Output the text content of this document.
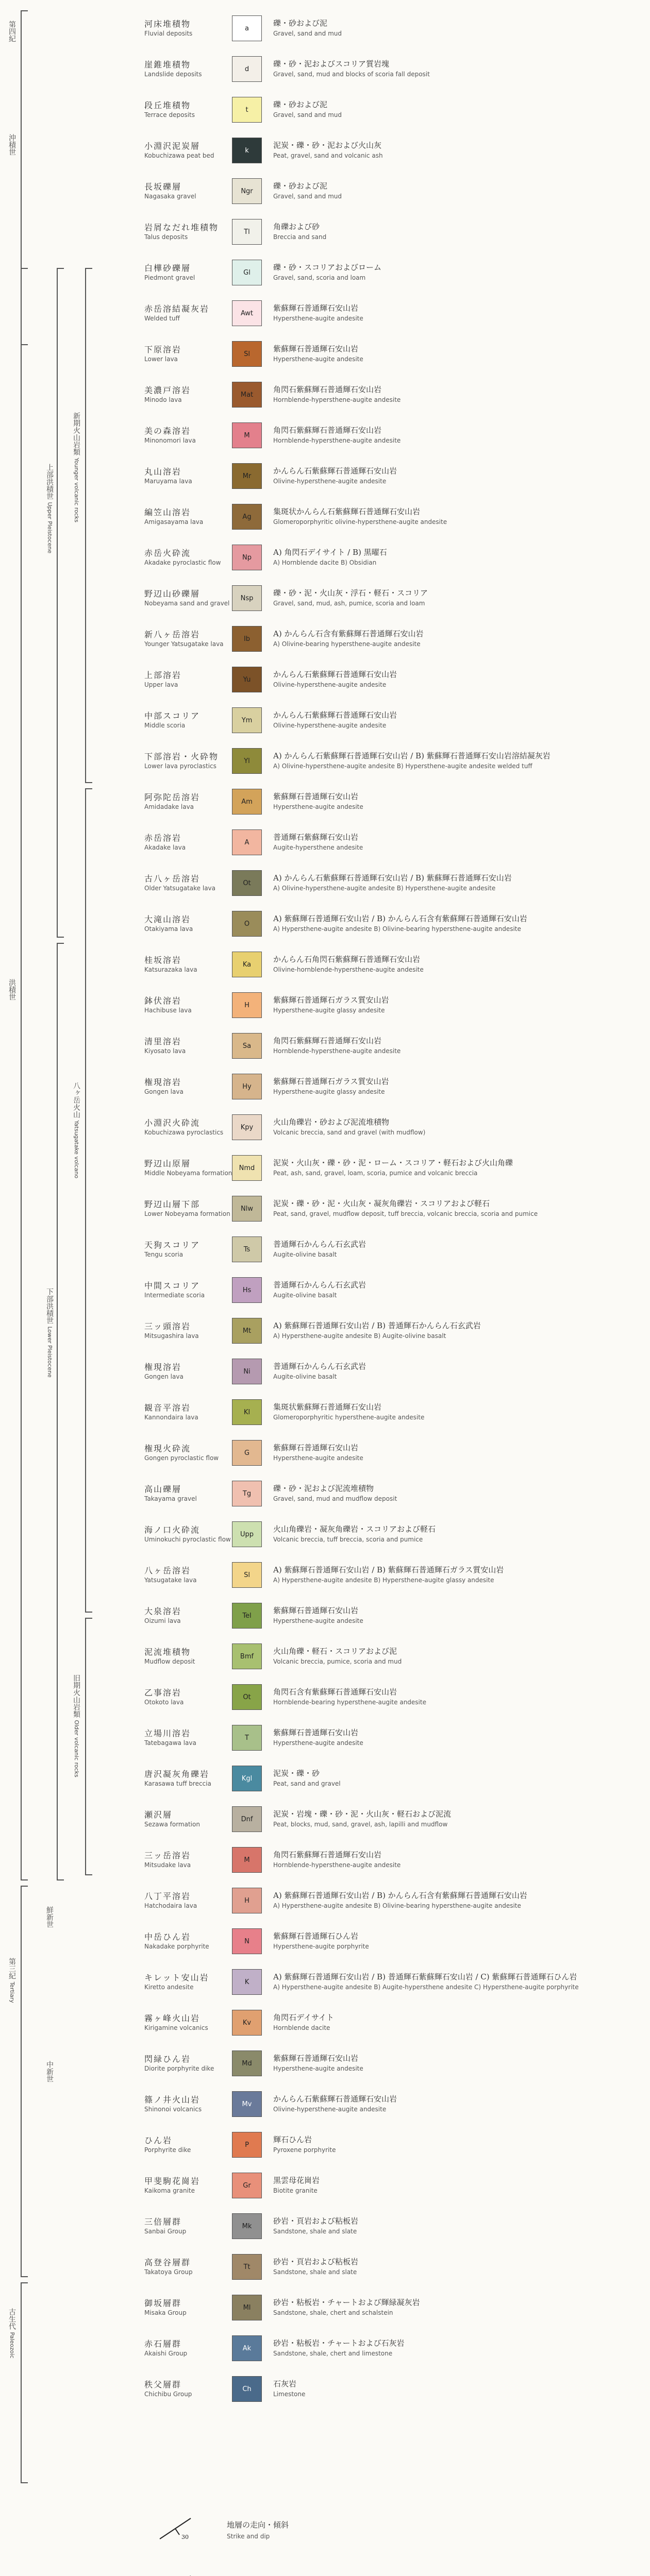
第四紀
沖積世
洪積世
上部洪積世 Upper Pleistocene
下部洪積世 Lower Pleistocene
新期火山岩類 Younger volcanic rocks
八ヶ岳火山 Yatsugatake volcano
旧期火山岩類 Older volcanic rocks
第三紀 Tertiary
鮮新世
中新世
古生代 Paleozoic
河床堆積物
Fluvial deposits
a
礫・砂および泥
Gravel, sand and mud
崖錐堆積物
Landslide deposits
d
礫・砂・泥およびスコリア質岩塊
Gravel, sand, mud and blocks of scoria fall deposit
段丘堆積物
Terrace deposits
t
礫・砂および泥
Gravel, sand and mud
小淵沢泥炭層
Kobuchizawa peat bed
k
泥炭・礫・砂・泥および火山灰
Peat, gravel, sand and volcanic ash
長坂礫層
Nagasaka gravel
Ngr
礫・砂および泥
Gravel, sand and mud
岩屑なだれ堆積物
Talus deposits
Tl
角礫および砂
Breccia and sand
白樺砂礫層
Piedmont gravel
Gl
礫・砂・スコリアおよびローム
Gravel, sand, scoria and loam
赤岳溶結凝灰岩
Welded tuff
Awt
紫蘇輝石普通輝石安山岩
Hypersthene-augite andesite
下原溶岩
Lower lava
Sl
紫蘇輝石普通輝石安山岩
Hypersthene-augite andesite
美濃戸溶岩
Minodo lava
Mat
角閃石紫蘇輝石普通輝石安山岩
Hornblende-hypersthene-augite andesite
美の森溶岩
Minonomori lava
M
角閃石紫蘇輝石普通輝石安山岩
Hornblende-hypersthene-augite andesite
丸山溶岩
Maruyama lava
Mr
かんらん石紫蘇輝石普通輝石安山岩
Olivine-hypersthene-augite andesite
編笠山溶岩
Amigasayama lava
Ag
集斑状かんらん石紫蘇輝石普通輝石安山岩
Glomeroporphyritic olivine-hypersthene-augite andesite
赤岳火砕流
Akadake pyroclastic flow
Np
A) 角閃石デイサイト / B) 黒曜石
A) Hornblende dacite B) Obsidian
野辺山砂礫層
Nobeyama sand and gravel
Nsp
礫・砂・泥・火山灰・浮石・軽石・スコリア
Gravel, sand, mud, ash, pumice, scoria and loam
新八ヶ岳溶岩
Younger Yatsugatake lava
Ib
A) かんらん石含有紫蘇輝石普通輝石安山岩
A) Olivine-bearing hypersthene-augite andesite
上部溶岩
Upper lava
Yu
かんらん石紫蘇輝石普通輝石安山岩
Olivine-hypersthene-augite andesite
中部スコリア
Middle scoria
Ym
かんらん石紫蘇輝石普通輝石安山岩
Olivine-hypersthene-augite andesite
下部溶岩・火砕物
Lower lava pyroclastics
Yl
A) かんらん石紫蘇輝石普通輝石安山岩 / B) 紫蘇輝石普通輝石安山岩溶結凝灰岩
A) Olivine-hypersthene-augite andesite B) Hypersthene-augite andesite welded tuff
阿弥陀岳溶岩
Amidadake lava
Am
紫蘇輝石普通輝石安山岩
Hypersthene-augite andesite
赤岳溶岩
Akadake lava
A
普通輝石紫蘇輝石安山岩
Augite-hypersthene andesite
古八ヶ岳溶岩
Older Yatsugatake lava
Ot
A) かんらん石紫蘇輝石普通輝石安山岩 / B) 紫蘇輝石普通輝石安山岩
A) Olivine-hypersthene-augite andesite B) Hypersthene-augite andesite
大滝山溶岩
Otakiyama lava
O
A) 紫蘇輝石普通輝石安山岩 / B) かんらん石含有紫蘇輝石普通輝石安山岩
A) Hypersthene-augite andesite B) Olivine-bearing hypersthene-augite andesite
桂坂溶岩
Katsurazaka lava
Ka
かんらん石角閃石紫蘇輝石普通輝石安山岩
Olivine-hornblende-hypersthene-augite andesite
鉢伏溶岩
Hachibuse lava
H
紫蘇輝石普通輝石ガラス質安山岩
Hypersthene-augite glassy andesite
清里溶岩
Kiyosato lava
Sa
角閃石紫蘇輝石普通輝石安山岩
Hornblende-hypersthene-augite andesite
権現溶岩
Gongen lava
Hy
紫蘇輝石普通輝石ガラス質安山岩
Hypersthene-augite glassy andesite
小淵沢火砕流
Kobuchizawa pyroclastics
Kpy
火山角礫岩・砂および泥流堆積物
Volcanic breccia, sand and gravel (with mudflow)
野辺山原層
Middle Nobeyama formation
Nmd
泥炭・火山灰・礫・砂・泥・ローム・スコリア・軽石および火山角礫
Peat, ash, sand, gravel, loam, scoria, pumice and volcanic breccia
野辺山層下部
Lower Nobeyama formation
Nlw
泥炭・礫・砂・泥・火山灰・凝灰角礫岩・スコリアおよび軽石
Peat, sand, gravel, mudflow deposit, tuff breccia, volcanic breccia, scoria and pumice
天狗スコリア
Tengu scoria
Ts
普通輝石かんらん石玄武岩
Augite-olivine basalt
中間スコリア
Intermediate scoria
Hs
普通輝石かんらん石玄武岩
Augite-olivine basalt
三ッ頭溶岩
Mitsugashira lava
Mt
A) 紫蘇輝石普通輝石安山岩 / B) 普通輝石かんらん石玄武岩
A) Hypersthene-augite andesite B) Augite-olivine basalt
権現溶岩
Gongen lava
Ni
普通輝石かんらん石玄武岩
Augite-olivine basalt
観音平溶岩
Kannondaira lava
Kl
集斑状紫蘇輝石普通輝石安山岩
Glomeroporphyritic hypersthene-augite andesite
権現火砕流
Gongen pyroclastic flow
G
紫蘇輝石普通輝石安山岩
Hypersthene-augite andesite
高山礫層
Takayama gravel
Tg
礫・砂・泥および泥流堆積物
Gravel, sand, mud and mudflow deposit
海ノ口火砕流
Uminokuchi pyroclastic flow
Upp
火山角礫岩・凝灰角礫岩・スコリアおよび軽石
Volcanic breccia, tuff breccia, scoria and pumice
八ヶ岳溶岩
Yatsugatake lava
Sl
A) 紫蘇輝石普通輝石安山岩 / B) 紫蘇輝石普通輝石ガラス質安山岩
A) Hypersthene-augite andesite B) Hypersthene-augite glassy andesite
大泉溶岩
Oizumi lava
Tel
紫蘇輝石普通輝石安山岩
Hypersthene-augite andesite
泥流堆積物
Mudflow deposit
Bmf
火山角礫・軽石・スコリアおよび泥
Volcanic breccia, pumice, scoria and mud
乙事溶岩
Otokoto lava
Ot
角閃石含有紫蘇輝石普通輝石安山岩
Hornblende-bearing hypersthene-augite andesite
立場川溶岩
Tatebagawa lava
T
紫蘇輝石普通輝石安山岩
Hypersthene-augite andesite
唐沢凝灰角礫岩
Karasawa tuff breccia
Kgl
泥炭・礫・砂
Peat, sand and gravel
瀬沢層
Sezawa formation
Dnf
泥炭・岩塊・礫・砂・泥・火山灰・軽石および泥流
Peat, blocks, mud, sand, gravel, ash, lapilli and mudflow
三ッ岳溶岩
Mitsudake lava
M
角閃石紫蘇輝石普通輝石安山岩
Hornblende-hypersthene-augite andesite
八丁平溶岩
Hatchodaira lava
H
A) 紫蘇輝石普通輝石安山岩 / B) かんらん石含有紫蘇輝石普通輝石安山岩
A) Hypersthene-augite andesite B) Olivine-bearing hypersthene-augite andesite
中岳ひん岩
Nakadake porphyrite
N
紫蘇輝石普通輝石ひん岩
Hypersthene-augite porphyrite
キレット安山岩
Kiretto andesite
K
A) 紫蘇輝石普通輝石安山岩 / B) 普通輝石紫蘇輝石安山岩 / C) 紫蘇輝石普通輝石ひん岩
A) Hypersthene-augite andesite B) Augite-hypersthene andesite C) Hypersthene-augite porphyrite
霧ヶ峰火山岩
Kirigamine volcanics
Kv
角閃石デイサイト
Hornblende dacite
閃緑ひん岩
Diorite porphyrite dike
Md
紫蘇輝石普通輝石安山岩
Hypersthene-augite andesite
篠ノ井火山岩
Shinonoi volcanics
Mv
かんらん石紫蘇輝石普通輝石安山岩
Olivine-hypersthene-augite andesite
ひん岩
Porphyrite dike
P
輝石ひん岩
Pyroxene porphyrite
甲斐駒花崗岩
Kaikoma granite
Gr
黒雲母花崗岩
Biotite granite
三倍層群
Sanbai Group
Mk
砂岩・頁岩および粘板岩
Sandstone, shale and slate
高登谷層群
Takatoya Group
Tt
砂岩・頁岩および粘板岩
Sandstone, shale and slate
御坂層群
Misaka Group
Ml
砂岩・粘板岩・チャートおよび輝緑凝灰岩
Sandstone, shale, chert and schalstein
赤石層群
Akaishi Group
Ak
砂岩・粘板岩・チャートおよび石灰岩
Sandstone, shale, chert and limestone
秩父層群
Chichibu Group
Ch
石灰岩
Limestone
30
地層の走向・傾斜
Strike and dip
